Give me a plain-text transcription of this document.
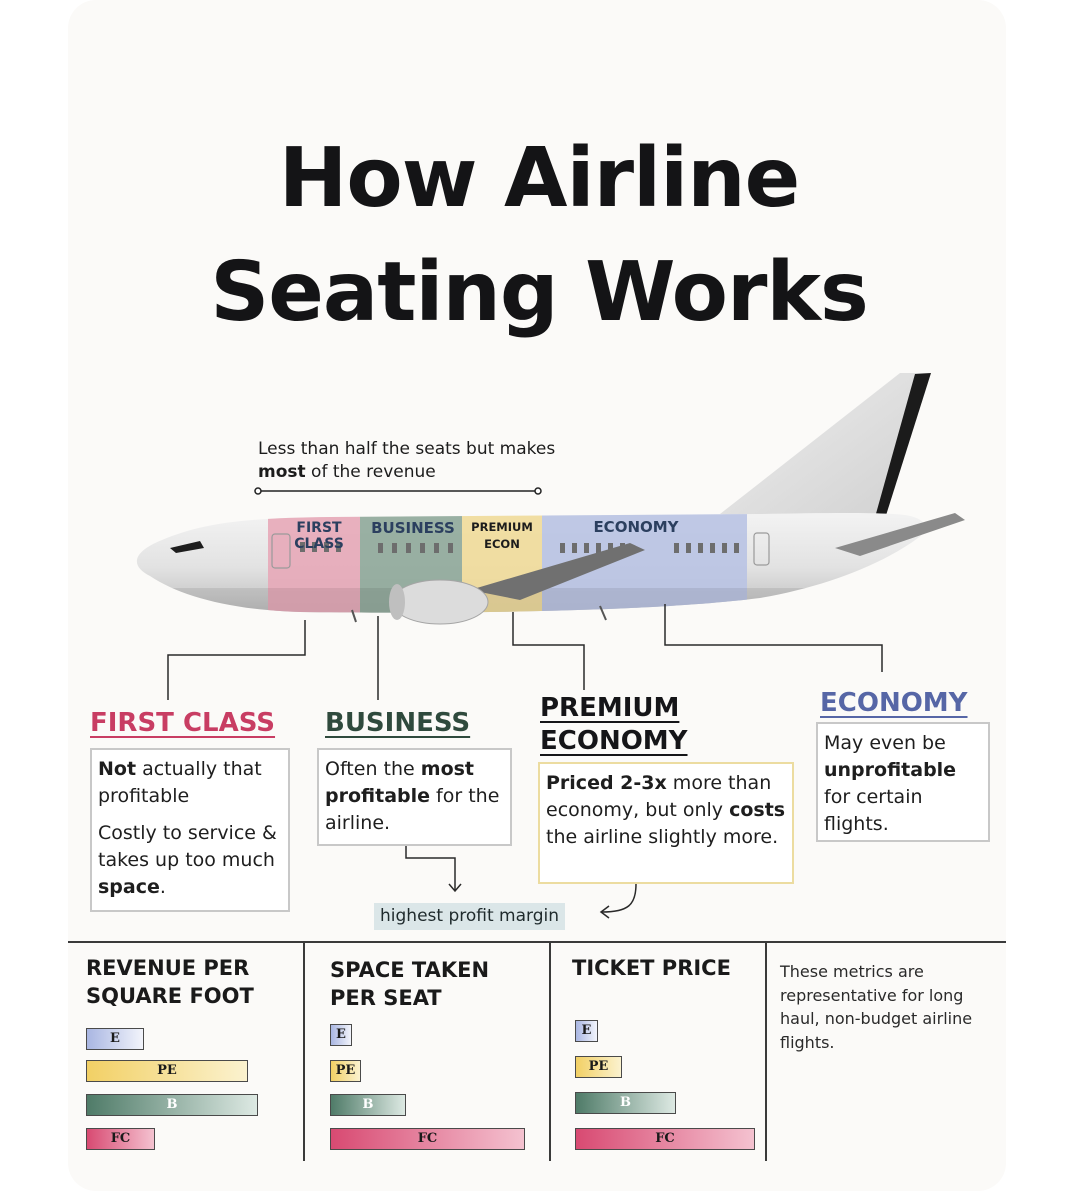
How Airline
Seating Works
Less than half the seats but makes most of the revenue
FIRST
CLASS
BUSINESS PREMIUM
ECON
ECONOMY
FIRST CLASS

Not actually that profitable

Costly to service & takes up too much space.

BUSINESS

Often the most profitable for the airline.

PREMIUM
ECONOMY

Priced 2-3x more than economy, but only costs the airline slightly more.

ECONOMY

May even be unprofitable for certain flights.

highest profit margin
REVENUE PER
SQUARE FOOT
SPACE TAKEN
PER SEAT
TICKET PRICE
E
PE
B
FC
E
PE
B
FC
E
PE
B
FC
These metrics are representative for long haul, non-budget airline flights.
